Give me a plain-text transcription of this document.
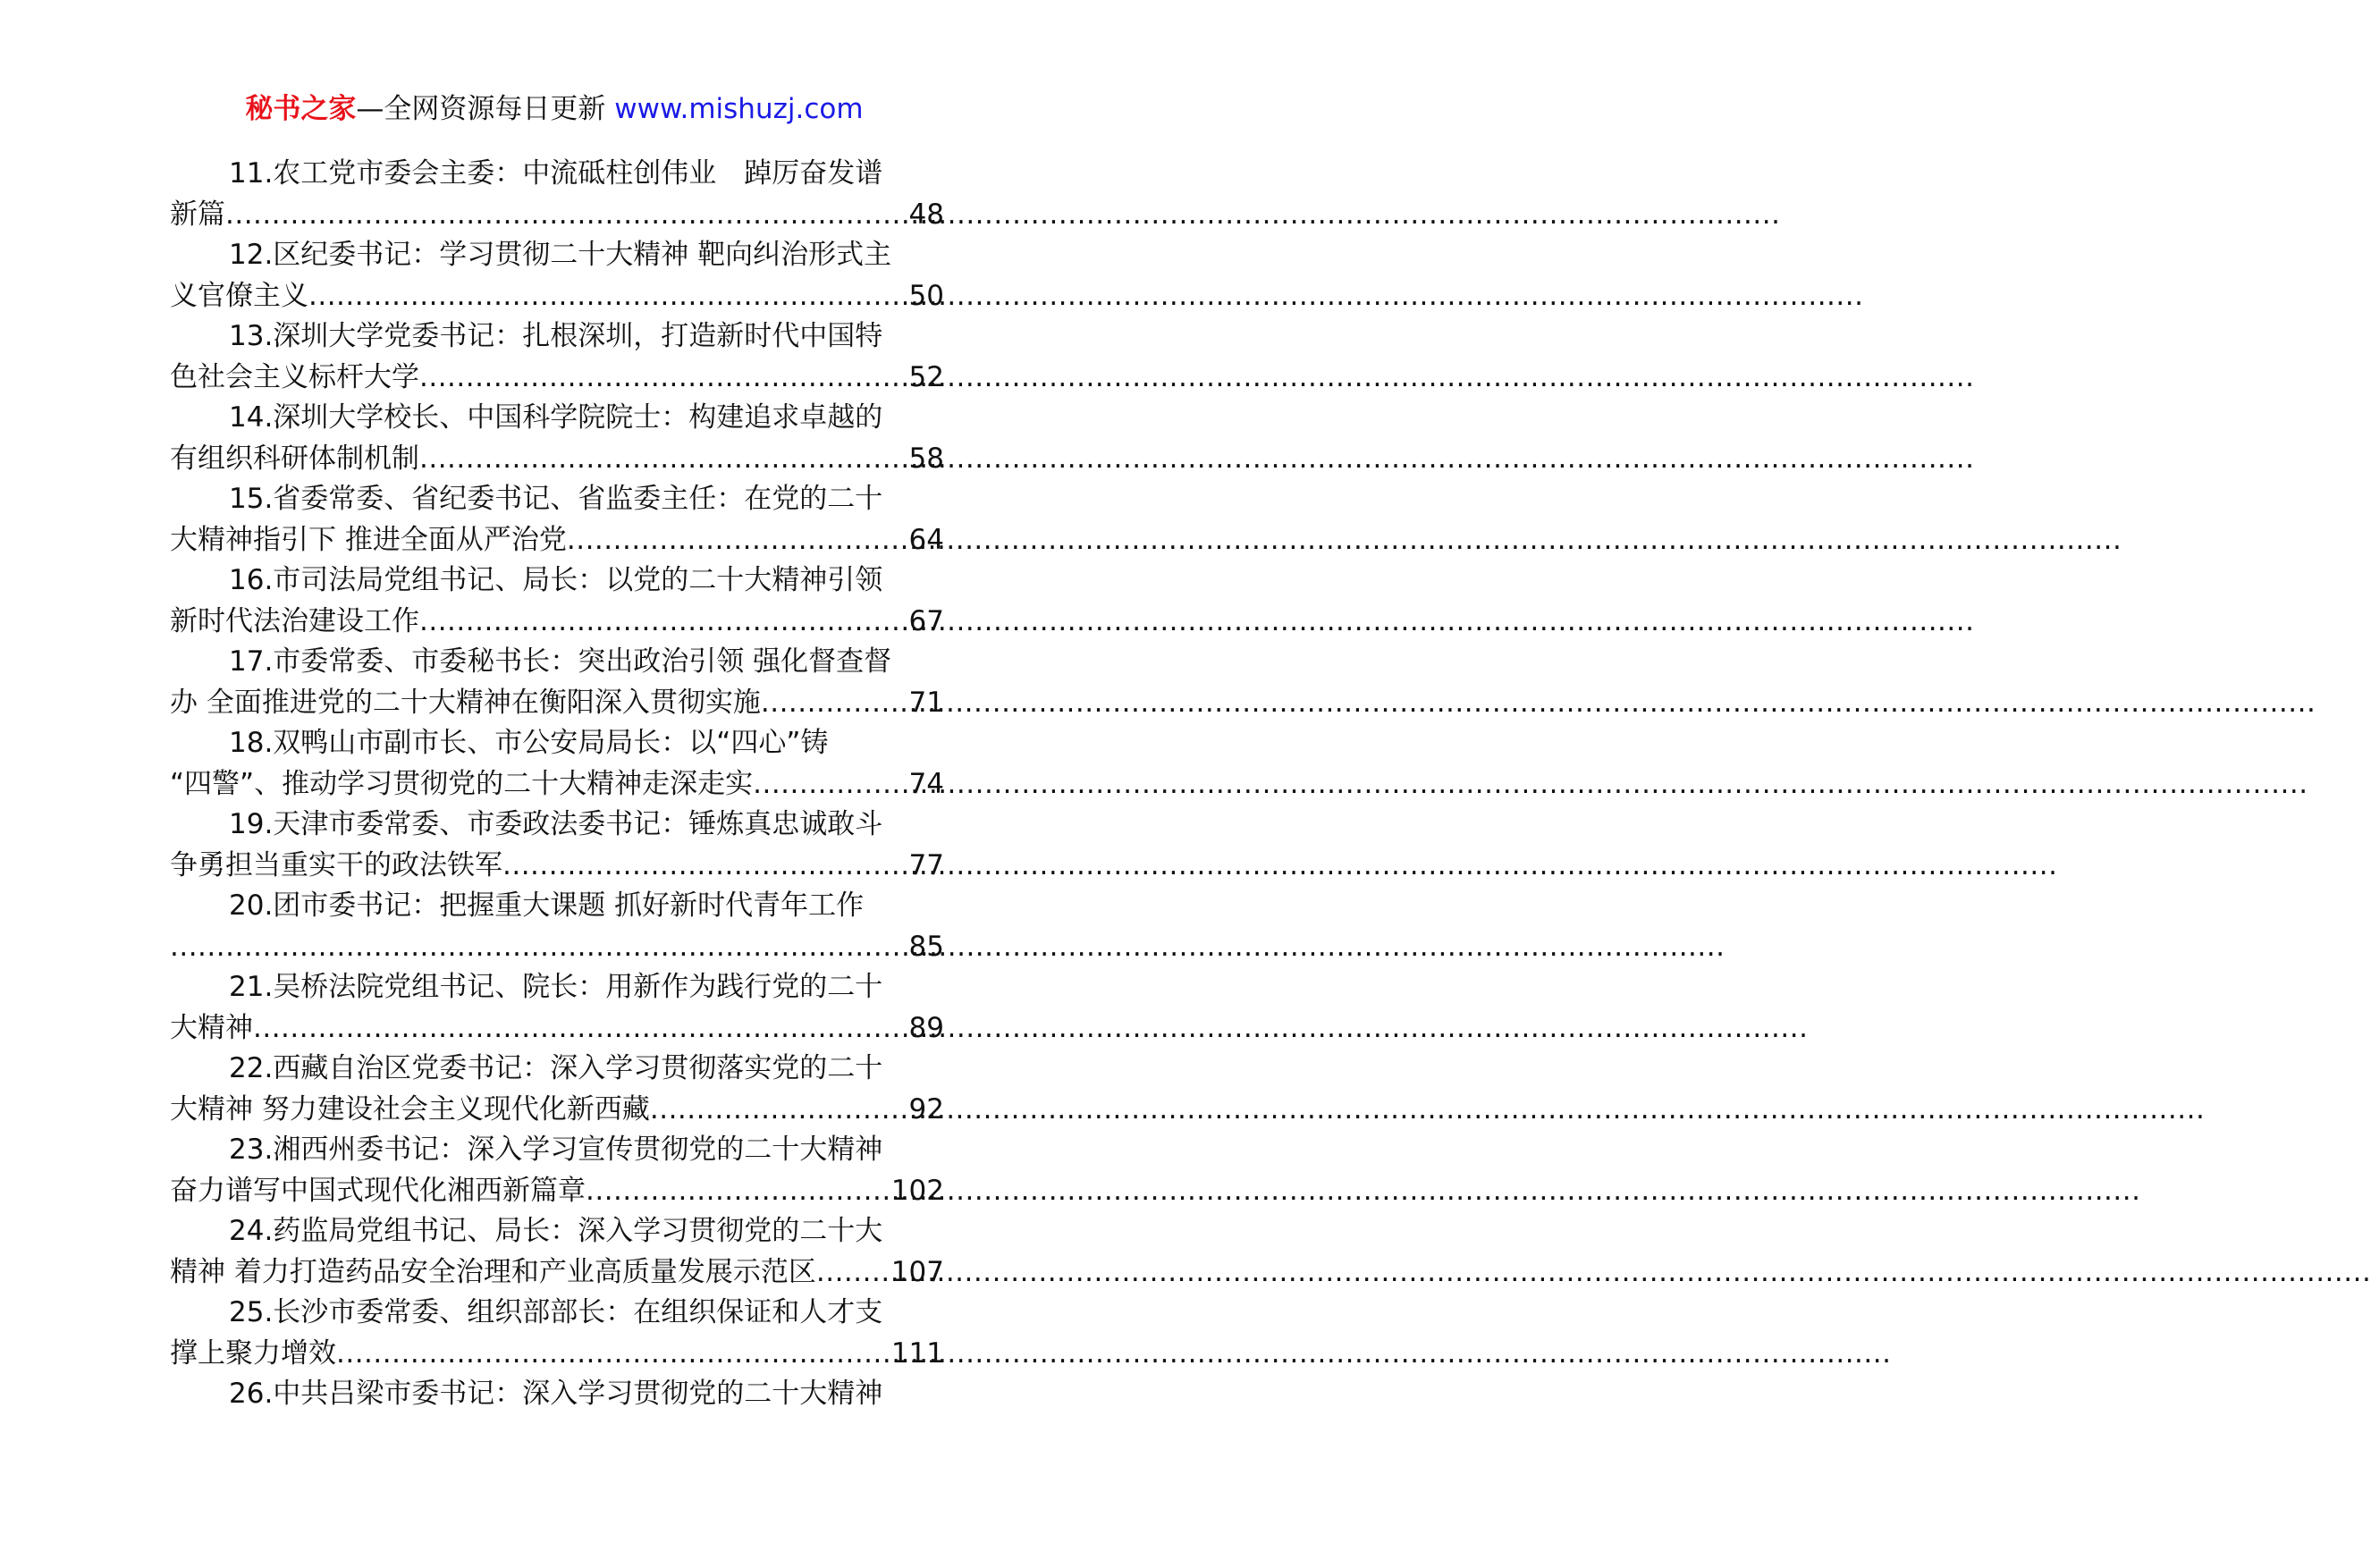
秘书之家—全网资源每日更新 www.mishuzj.com
11.农工党市委会主委：中流砥柱创伟业　踔厉奋发谱
新篇 .....	48
12.区纪委书记：学习贯彻二十大精神 靶向纠治形式主
义官僚主义 .....	50
13.深圳大学党委书记：扎根深圳，打造新时代中国特
色社会主义标杆大学 .....	52
14.深圳大学校长、中国科学院院士：构建追求卓越的
有组织科研体制机制 .....	58
15.省委常委、省纪委书记、省监委主任：在党的二十
大精神指引下 推进全面从严治党 .....	64
16.市司法局党组书记、局长：以党的二十大精神引领
新时代法治建设工作 .....	67
17.市委常委、市委秘书长：突出政治引领 强化督查督
办 全面推进党的二十大精神在衡阳深入贯彻实施 .....	71
18.双鸭山市副市长、市公安局局长：以“四心”铸
“四警”、推动学习贯彻党的二十大精神走深走实 .....	74
19.天津市委常委、市委政法委书记：锤炼真忠诚敢斗
争勇担当重实干的政法铁军 .....	77
20.团市委书记：把握重大课题 抓好新时代青年工作
.....
85
21.吴桥法院党组书记、院长：用新作为践行党的二十
大精神 .....	89
22.西藏自治区党委书记：深入学习贯彻落实党的二十
大精神 努力建设社会主义现代化新西藏 .....	92
23.湘西州委书记：深入学习宣传贯彻党的二十大精神
奋力谱写中国式现代化湘西新篇章 .....	102
24.药监局党组书记、局长：深入学习贯彻党的二十大
精神 着力打造药品安全治理和产业高质量发展示范区 .....	107
25.长沙市委常委、组织部部长：在组织保证和人才支
撑上聚力增效 .....	111
26.中共吕梁市委书记：深入学习贯彻党的二十大精神
